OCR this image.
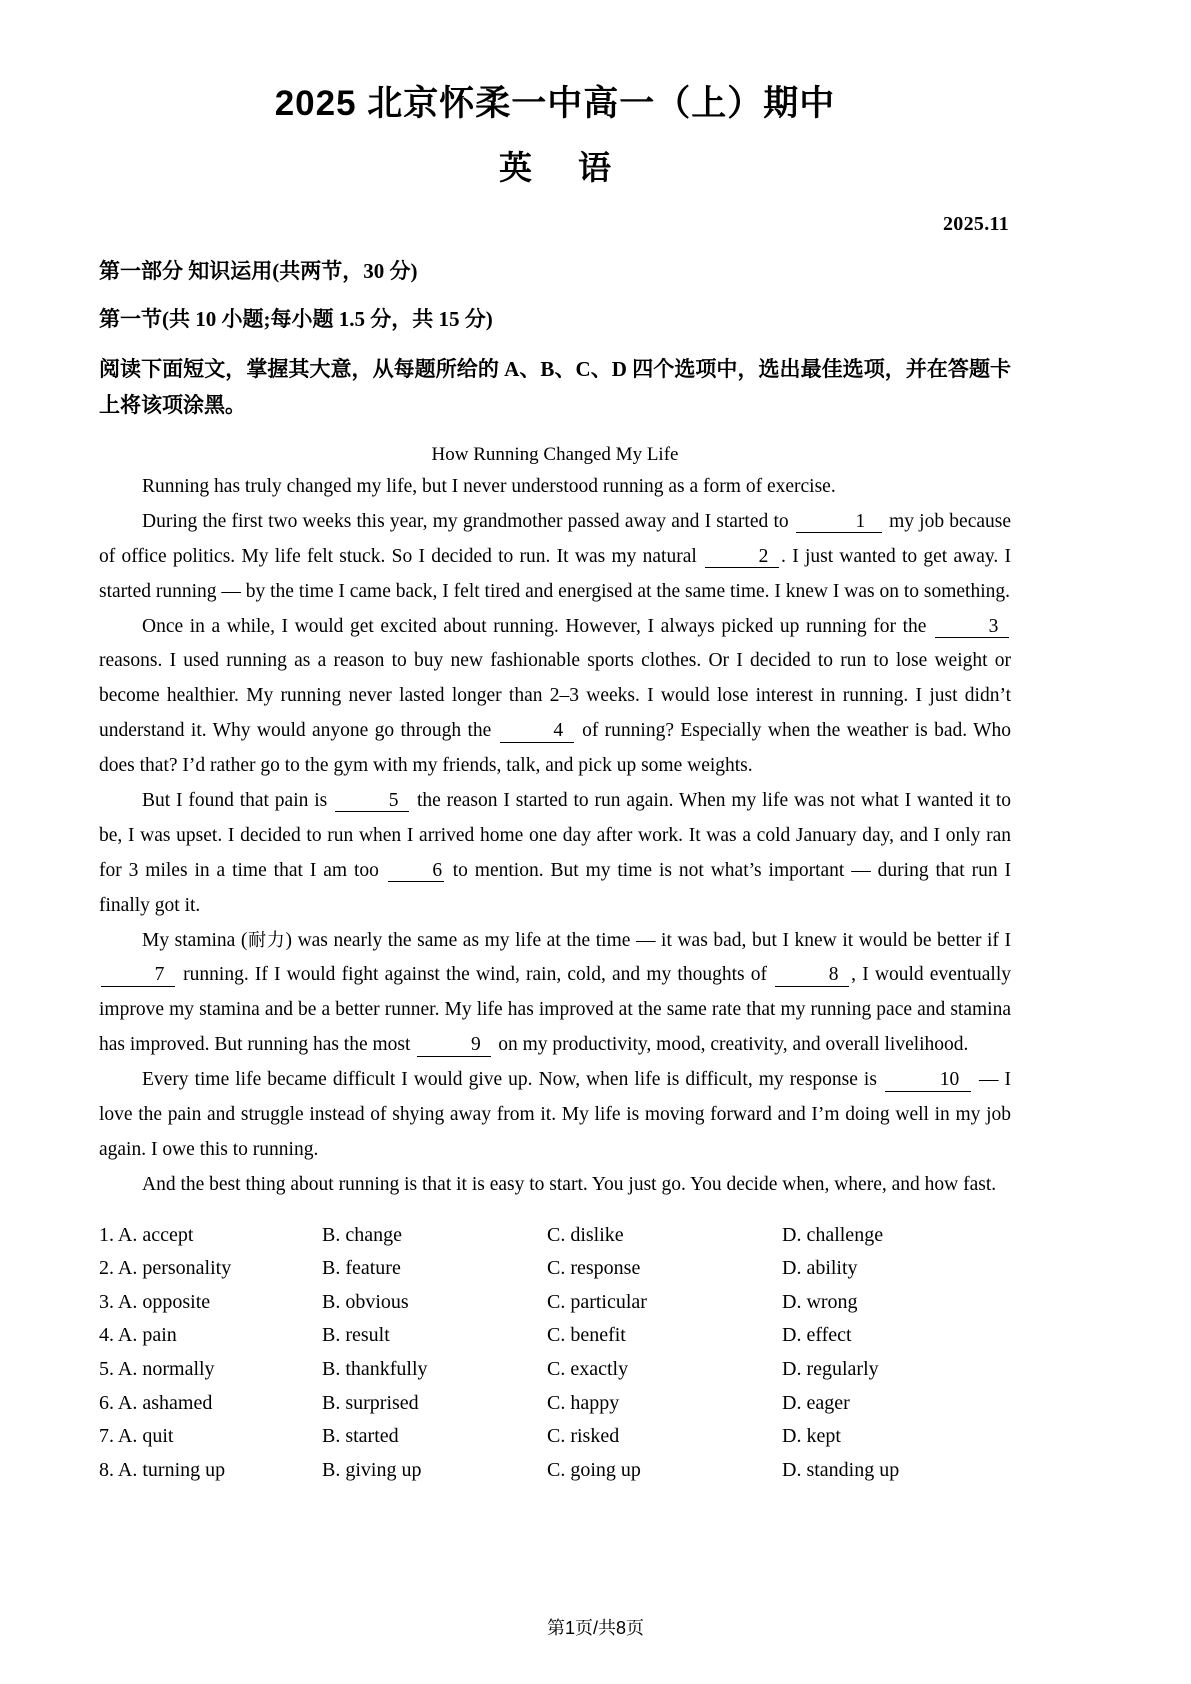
2025 北京怀柔一中高一（上）期中
英 语
2025.11
第一部分 知识运用(共两节，30 分)
第一节(共 10 小题;每小题 1.5 分，共 15 分)
阅读下面短文，掌握其大意，从每题所给的 A、B、C、D 四个选项中，选出最佳选项，并在答题卡上将该项涂黑。
How Running Changed My Life

Running has truly changed my life, but I never understood running as a form of exercise.

During the first two weeks this year, my grandmother passed away and I started to	1 my job because of office politics. My life felt stuck. So I decided to run. It was my natural	2 . I just wanted to get away. I started running — by the time I came back, I felt tired and energised at the same time. I knew I was on to something.

Once in a while, I would get excited about running. However, I always picked up running for the	3 reasons. I used running as a reason to buy new fashionable sports clothes. Or I decided to run to lose weight or become healthier. My running never lasted longer than 2–3 weeks. I would lose interest in running. I just didn’t understand it. Why would anyone go through the	4 of running? Especially when the weather is bad. Who does that? I’d rather go to the gym with my friends, talk, and pick up some weights.

But I found that pain is	5 the reason I started to run again. When my life was not what I wanted it to be, I was upset. I decided to run when I arrived home one day after work. It was a cold January day, and I only ran for 3 miles in a time that I am too	6 to mention. But my time is not what’s important — during that run I finally got it.

My stamina (耐力) was nearly the same as my life at the time — it was bad, but I knew it would be better if I 7 running. If I would fight against the wind, rain, cold, and my thoughts of	8 , I would eventually improve my stamina and be a better runner. My life has improved at the same rate that my running pace and stamina has improved. But running has the most	9 on my productivity, mood, creativity, and overall livelihood.

Every time life became difficult I would give up. Now, when life is difficult, my response is	10 — I love the pain and struggle instead of shying away from it. My life is moving forward and I’m doing well in my job again. I owe this to running.

And the best thing about running is that it is easy to start. You just go. You decide when, where, and how fast.

1. A. accept	B. change	C. dislike	D. challenge
2. A. personality	B. feature	C. response	D. ability
3. A. opposite	B. obvious	C. particular	D. wrong
4. A. pain	B. result	C. benefit	D. effect
5. A. normally	B. thankfully	C. exactly	D. regularly
6. A. ashamed	B. surprised	C. happy	D. eager
7. A. quit	B. started	C. risked	D. kept
8. A. turning up	B. giving up	C. going up	D. standing up
第1页/共8页
